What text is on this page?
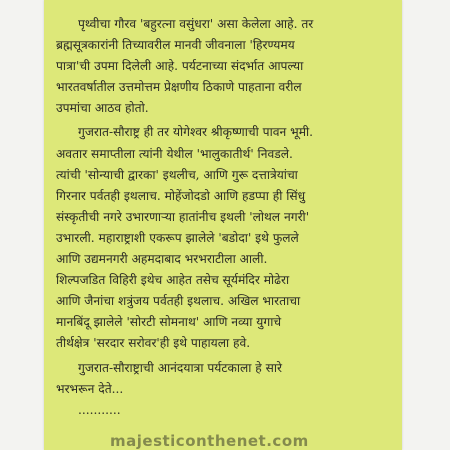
पृथ्वीचा गौरव 'बहुरत्ना वसुंधरा' असा केलेला आहे. तर
ब्रह्मसूत्रकारांनी तिच्यावरील मानवी जीवनाला 'हिरण्यमय
पात्रा'ची उपमा दिलेली आहे. पर्यटनाच्या संदर्भात आपल्या
भारतवर्षातील उत्तमोत्तम प्रेक्षणीय ठिकाणे पाहताना वरील
उपमांचा आठव होतो.
गुजरात-सौराष्ट्र ही तर योगेश्वर श्रीकृष्णाची पावन भूमी.
अवतार समाप्तीला त्यांनी येथील 'भालुकातीर्थ' निवडले.
त्यांची 'सोन्याची द्वारका' इथलीच, आणि गुरू दत्तात्रेयांचा
गिरनार पर्वतही इथलाच. मोहेंजोदडो आणि हडप्पा ही सिंधु
संस्कृतीची नगरे उभारणाऱ्या हातांनीच इथली 'लोथल नगरी'
उभारली. महाराष्ट्राशी एकरूप झालेले 'बडोदा' इथे फुलले
आणि उद्यमनगरी अहमदाबाद भरभराटीला आली.
शिल्पजडित विहिरी इथेच आहेत तसेच सूर्यमंदिर मोढेरा
आणि जैनांचा शत्रुंजय पर्वतही इथलाच. अखिल भारताचा
मानबिंदू झालेले 'सोरटी सोमनाथ' आणि नव्या युगाचे
तीर्थक्षेत्र 'सरदार सरोवर'ही इथे पाहायला हवे.
गुजरात-सौराष्ट्राची आनंदयात्रा पर्यटकाला हे सारे
भरभरून देते...
...........
majesticonthenet.com
